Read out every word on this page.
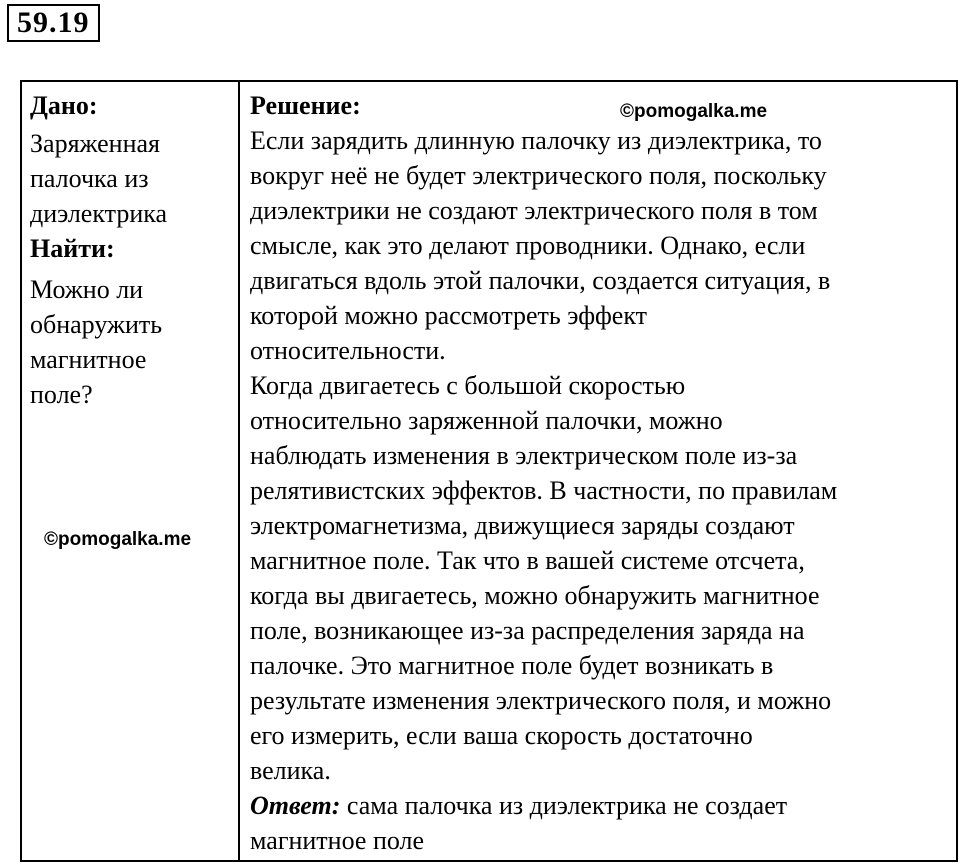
59.19
Дано:

Заряженная

палочка из

диэлектрика

Найти:

Можно ли

обнаружить

магнитное

поле?

©pomogalka.me
Решение:	©pomogalka.me

Если зарядить длинную палочку из диэлектрика, то

вокруг неё не будет электрического поля, поскольку

диэлектрики не создают электрического поля в том

смысле, как это делают проводники. Однако, если

двигаться вдоль этой палочки, создается ситуация, в

которой можно рассмотреть эффект

относительности.

Когда двигаетесь с большой скоростью

относительно заряженной палочки, можно

наблюдать изменения в электрическом поле из-за

релятивистских эффектов. В частности, по правилам

электромагнетизма, движущиеся заряды создают

магнитное поле. Так что в вашей системе отсчета,

когда вы двигаетесь, можно обнаружить магнитное

поле, возникающее из-за распределения заряда на

палочке. Это магнитное поле будет возникать в

результате изменения электрического поля, и можно

его измерить, если ваша скорость достаточно

велика.

Ответ: сама палочка из диэлектрика не создает

магнитное поле
